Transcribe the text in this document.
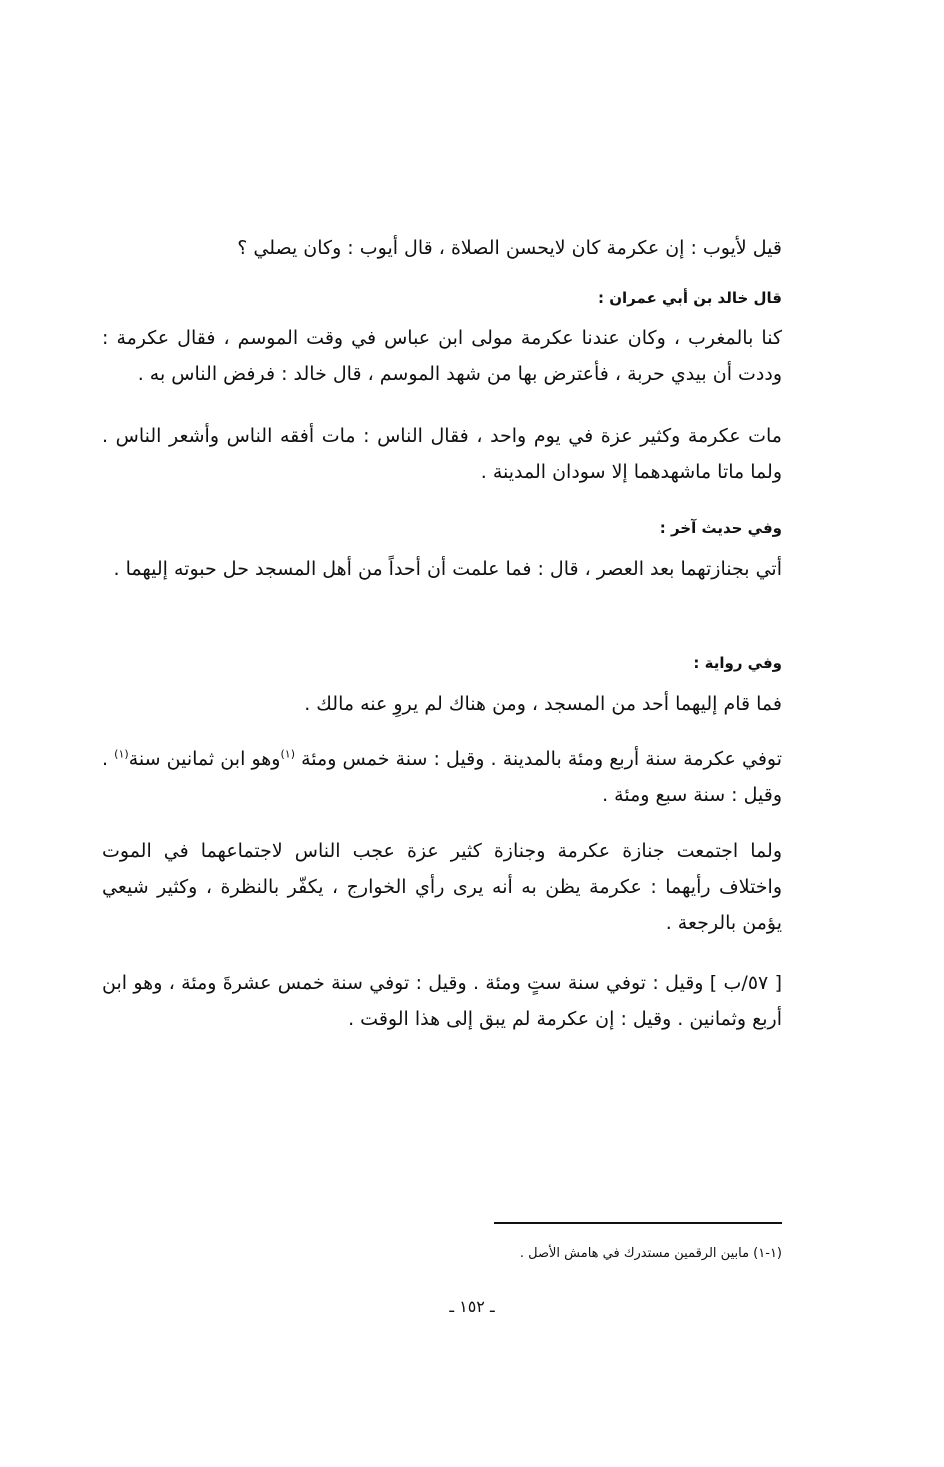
قيل لأيوب : إن عكرمة كان لايحسن الصلاة ، قال أيوب : وكان يصلي ؟
قال خالد بن أبي عمران :
كنا بالمغرب ، وكان عندنا عكرمة مولى ابن عباس في وقت الموسم ، فقال عكرمة : وددت أن بيدي حربة ، فأعترض بها من شهد الموسم ، قال خالد : فرفض الناس به .
مات عكرمة وكثير عزة في يوم واحد ، فقال الناس : مات أفقه الناس وأشعر الناس . ولما ماتا ماشهدهما إلا سودان المدينة .
وفي حديث آخر :
أتي بجنازتهما بعد العصر ، قال : فما علمت أن أحداً من أهل المسجد حل حبوته إليهما .
وفي رواية :
فما قام إليهما أحد من المسجد ، ومن هناك لم يروِ عنه مالك .
توفي عكرمة سنة أربع ومئة بالمدينة . وقيل : سنة خمس ومئة $^{(١)}$وهو ابن ثمانين سنة$^{(١)}$ . وقيل : سنة سبع ومئة .
ولما اجتمعت جنازة عكرمة وجنازة كثير عزة عجب الناس لاجتماعهما في الموت واختلاف رأيهما : عكرمة يظن به أنه يرى رأي الخوارج ، يكفّر بالنظرة ، وكثير شيعي يؤمن بالرجعة .
[ ٥٧/ب ] وقيل : توفي سنة ستٍ ومئة . وقيل : توفي سنة خمس عشرةَ ومئة ، وهو ابن أربع وثمانين . وقيل : إن عكرمة لم يبق إلى هذا الوقت .
(١-١) مابين الرقمين مستدرك في هامش الأصل .
ـ ١٥٢ ـ
